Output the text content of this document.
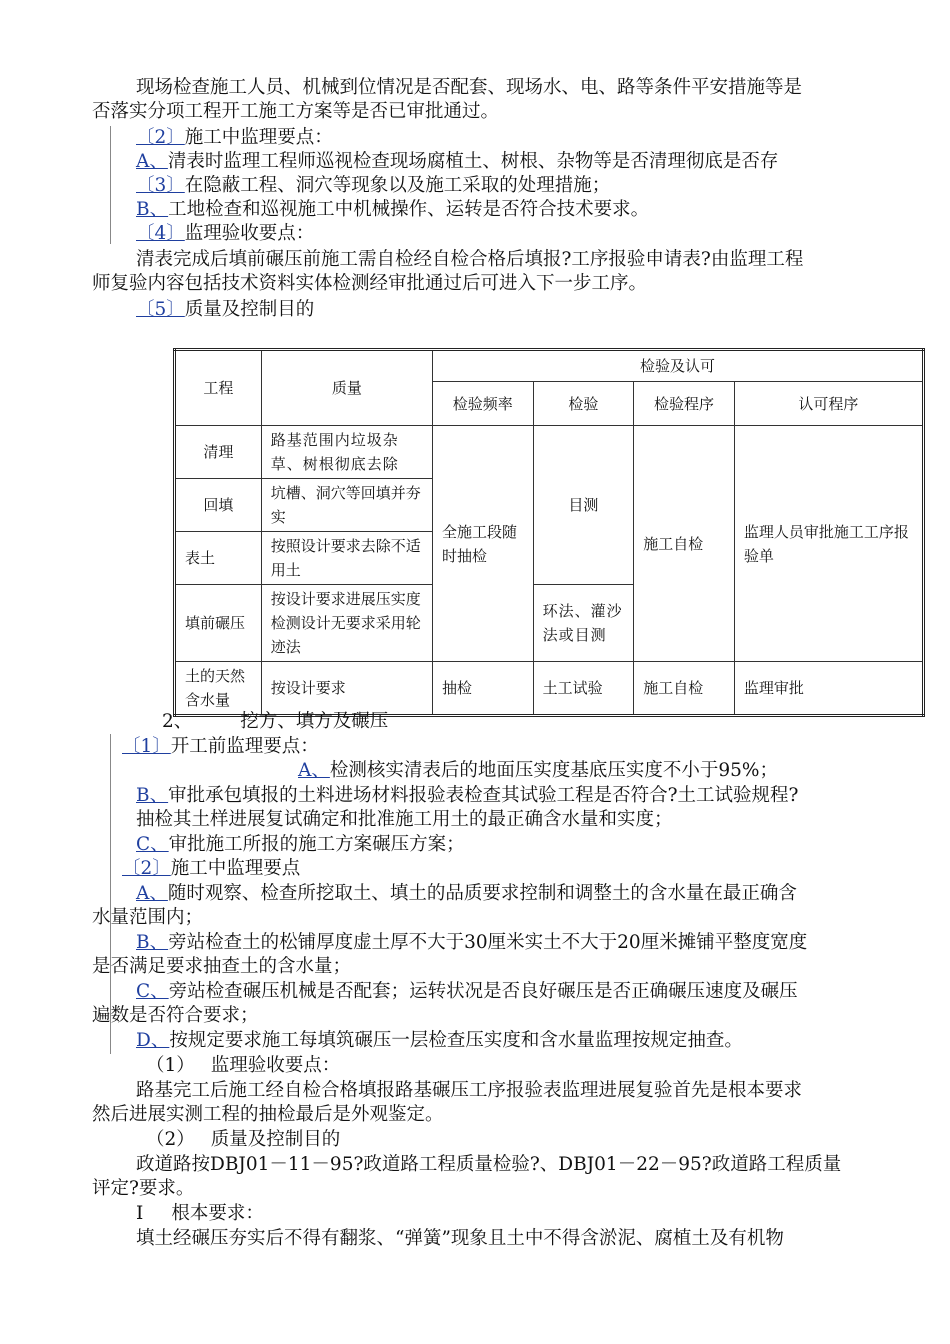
现场检查施工人员、机械到位情况是否配套、现场水、电、路等条件平安措施等是
否落实分项工程开工施工方案等是否已审批通过。
〔2〕施工中监理要点：
A、清表时监理工程师巡视检查现场腐植土、树根、杂物等是否清理彻底是否存
〔3〕在隐蔽工程、洞穴等现象以及施工采取的处理措施；
B、工地检查和巡视施工中机械操作、运转是否符合技术要求。
〔4〕监理验收要点：
清表完成后填前碾压前施工需自检经自检合格后填报?工序报验申请表?由监理工程
师复验内容包括技术资料实体检测经审批通过后可进入下一步工序。
〔5〕质量及控制目的
工程	质量	检验及认可			
		检验频率	检验	检验程序	认可程序
清理	路基范围内垃圾杂草、树根彻底去除	全施工段随时抽检	目测	施工自检	监理人员审批施工工序报验单
回填	坑槽、洞穴等回填并夯实				
表土	按照设计要求去除不适用土				
填前碾压	按设计要求进展压实度检测设计无要求采用轮迹法		环法、灌沙法或目测		
土的天然含水量	按设计要求	抽检	土工试验	施工自检	监理审批
2、	挖方、填方及碾压
〔1〕开工前监理要点：
A、检测核实清表后的地面压实度基底压实度不小于95%；
B、审批承包填报的土料进场材料报验表检查其试验工程是否符合?土工试验规程?
抽检其土样进展复试确定和批准施工用土的最正确含水量和实度；
C、审批施工所报的施工方案碾压方案；
〔2〕施工中监理要点
A、随时观察、检查所挖取土、填土的品质要求控制和调整土的含水量在最正确含
水量范围内；
B、旁站检查土的松铺厚度虚土厚不大于30厘米实土不大于20厘米摊铺平整度宽度
是否满足要求抽查土的含水量；
C、旁站检查碾压机械是否配套；运转状况是否良好碾压是否正确碾压速度及碾压
遍数是否符合要求；
D、按规定要求施工每填筑碾压一层检查压实度和含水量监理按规定抽查。
（1） 监理验收要点：
路基完工后施工经自检合格填报路基碾压工序报验表监理进展复验首先是根本要求
然后进展实测工程的抽检最后是外观鉴定。
（2） 质量及控制目的
政道路按DBJ01－11－95?政道路工程质量检验?、DBJ01－22－95?政道路工程质量
评定?要求。
I 根本要求：
填土经碾压夯实后不得有翻浆、“弹簧”现象且土中不得含淤泥、腐植土及有机物
